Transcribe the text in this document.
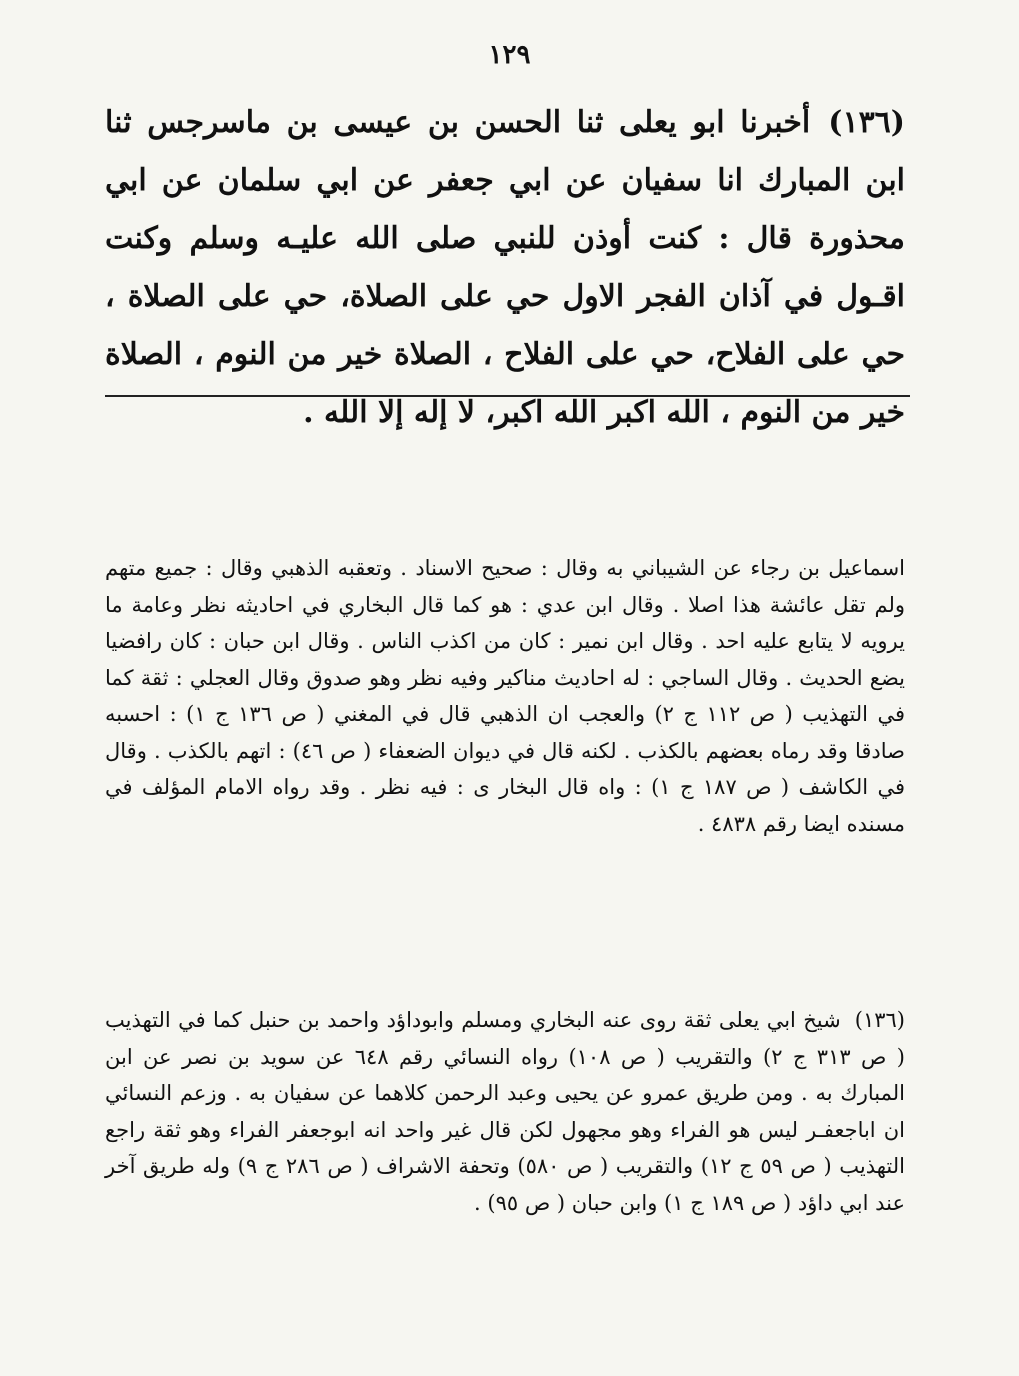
١٢٩
(١٣٦)أخبرنا ابو يعلى ثنا الحسن بن عيسى بن ماسرجس ثنا ابن المبارك انا سفيان عن ابي جعفر عن ابي سلمان عن ابي محذورة قال : كنت أوذن للنبي صلى الله عليـه وسلم وكنت اقـول في آذان الفجر الاول حي على الصلاة، حي على الصلاة ، حي على الفلاح، حي على الفلاح ، الصلاة خير من النوم ، الصلاة خير من النوم ، الله اكبر الله اكبر، لا إله إلا الله .
اسماعيل بن رجاء عن الشيباني به وقال : صحيح الاسناد . وتعقبه الذهبي وقال : جميع متهم ولم تقل عائشة هذا اصلا . وقال ابن عدي : هو كما قال البخاري في احاديثه نظر وعامة ما يرويه لا يتابع عليه احد . وقال ابن نمير : كان من اكذب الناس . وقال ابن حبان : كان رافضيا يضع الحديث . وقال الساجي : له احاديث مناكير وفيه نظر وهو صدوق وقال العجلي : ثقة كما في التهذيب ( ص ١١٢ ج ٢) والعجب ان الذهبي قال في المغني ( ص ١٣٦ ج ١) : احسبه صادقا وقد رماه بعضهم بالكذب . لكنه قال في ديوان الضعفاء ( ص ٤٦) : اتهم بالكذب . وقال في الكاشف ( ص ١٨٧ ج ١) : واه قال البخار ى : فيه نظر . وقد رواه الامام المؤلف في مسنده ايضا رقم ٤٨٣٨ .
(١٣٦)شيخ ابي يعلى ثقة روى عنه البخاري ومسلم وابوداؤد واحمد بن حنبل كما في التهذيب ( ص ٣١٣ ج ٢) والتقريب ( ص ١٠٨) رواه النسائي رقم ٦٤٨ عن سويد بن نصر عن ابن المبارك به . ومن طريق عمرو عن يحيى وعبد الرحمن كلاهما عن سفيان به . وزعم النسائي ان اباجعفـر ليس هو الفراء وهو مجهول لكن قال غير واحد انه ابوجعفر الفراء وهو ثقة راجع التهذيب ( ص ٥٩ ج ١٢) والتقريب ( ص ٥٨٠) وتحفة الاشراف ( ص ٢٨٦ ج ٩) وله طريق آخر عند ابي داؤد ( ص ١٨٩ ج ١) وابن حبان ( ص ٩٥) .
